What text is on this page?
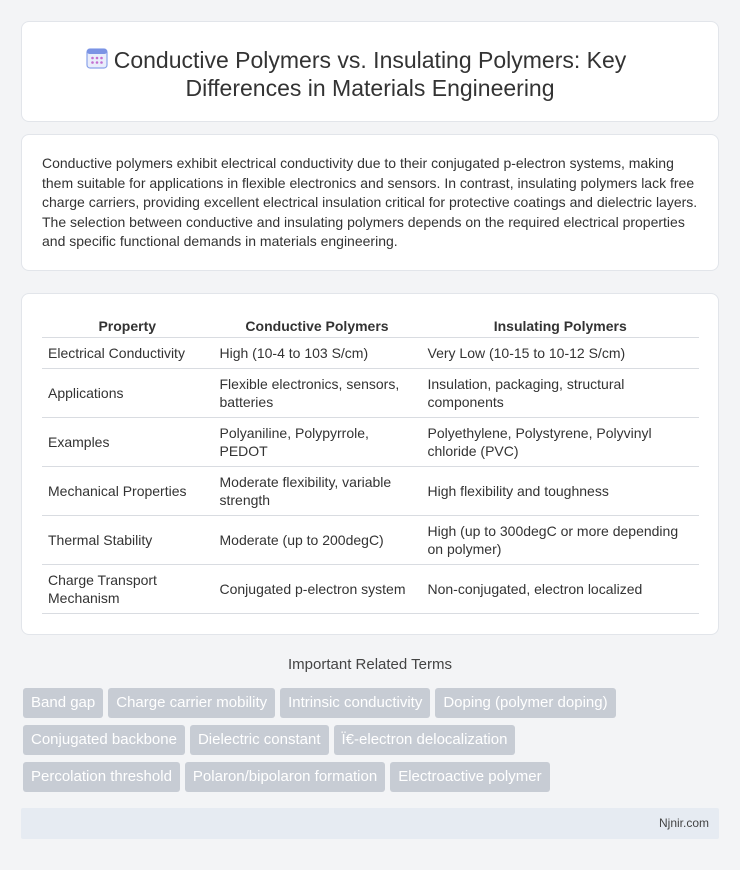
Conductive Polymers vs. Insulating Polymers: Key
Differences in Materials Engineering

Conductive polymers exhibit electrical conductivity due to their conjugated p-electron systems, making them suitable for applications in flexible electronics and sensors. In contrast, insulating polymers lack free charge carriers, providing excellent electrical insulation critical for protective coatings and dielectric layers. The selection between conductive and insulating polymers depends on the required electrical properties and specific functional demands in materials engineering.

Property	Conductive Polymers	Insulating Polymers
Electrical Conductivity	High (10-4 to 103 S/cm)	Very Low (10-15 to 10-12 S/cm)
Applications	Flexible electronics, sensors, batteries	Insulation, packaging, structural components
Examples	Polyaniline, Polypyrrole, PEDOT	Polyethylene, Polystyrene, Polyvinyl chloride (PVC)
Mechanical Properties	Moderate flexibility, variable strength	High flexibility and toughness
Thermal Stability	Moderate (up to 200degC)	High (up to 300degC or more depending on polymer)
Charge Transport Mechanism	Conjugated p-electron system	Non-conjugated, electron localized
Important Related Terms
Band gap Charge carrier mobility Intrinsic conductivity Doping (polymer doping)
Conjugated backbone Dielectric constant Ï€-electron delocalization
Percolation threshold Polaron/bipolaron formation Electroactive polymer
Njnir.com
